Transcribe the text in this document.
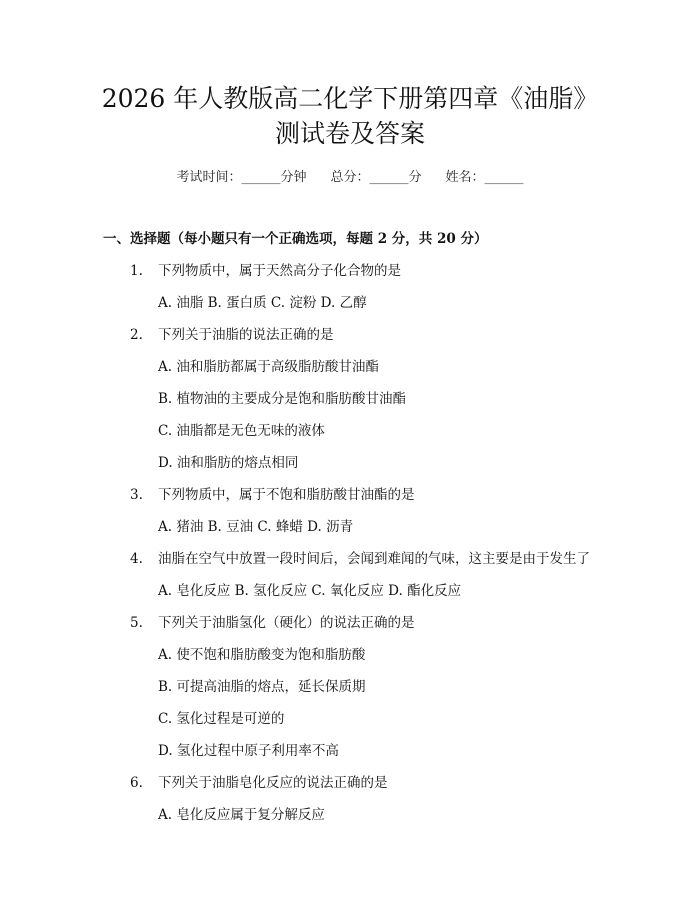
2026 年人教版高二化学下册第四章《油脂》
测试卷及答案
考试时间：______分钟 总分：______分 姓名：______
一、选择题（每小题只有一个正确选项，每题 2 分，共 20 分）
1. 下列物质中，属于天然高分子化合物的是
A. 油脂 B. 蛋白质 C. 淀粉 D. 乙醇
2. 下列关于油脂的说法正确的是
A. 油和脂肪都属于高级脂肪酸甘油酯
B. 植物油的主要成分是饱和脂肪酸甘油酯
C. 油脂都是无色无味的液体
D. 油和脂肪的熔点相同
3. 下列物质中，属于不饱和脂肪酸甘油酯的是
A. 猪油 B. 豆油 C. 蜂蜡 D. 沥青
4. 油脂在空气中放置一段时间后，会闻到难闻的气味，这主要是由于发生了
A. 皂化反应 B. 氢化反应 C. 氧化反应 D. 酯化反应
5. 下列关于油脂氢化（硬化）的说法正确的是
A. 使不饱和脂肪酸变为饱和脂肪酸
B. 可提高油脂的熔点，延长保质期
C. 氢化过程是可逆的
D. 氢化过程中原子利用率不高
6. 下列关于油脂皂化反应的说法正确的是
A. 皂化反应属于复分解反应
